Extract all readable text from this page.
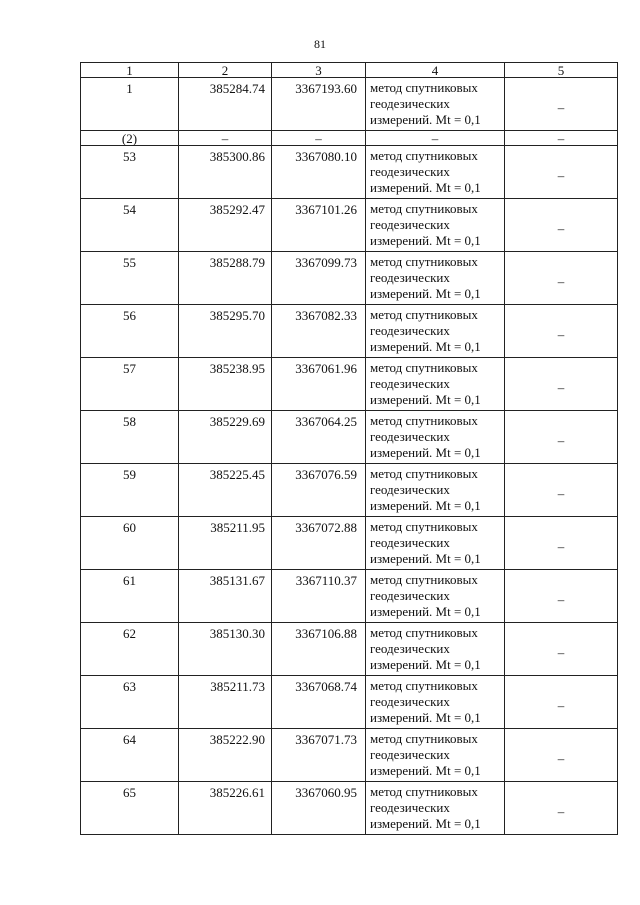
81
1	2	3	4	5
1	385284.74	3367193.60	метод спутниковых геодезических измерений. Mt = 0,1	–
(2)	–	–	–	–
53	385300.86	3367080.10	метод спутниковых геодезических измерений. Mt = 0,1	–
54	385292.47	3367101.26	метод спутниковых геодезических измерений. Mt = 0,1	–
55	385288.79	3367099.73	метод спутниковых геодезических измерений. Mt = 0,1	–
56	385295.70	3367082.33	метод спутниковых геодезических измерений. Mt = 0,1	–
57	385238.95	3367061.96	метод спутниковых геодезических измерений. Mt = 0,1	–
58	385229.69	3367064.25	метод спутниковых геодезических измерений. Mt = 0,1	–
59	385225.45	3367076.59	метод спутниковых геодезических измерений. Mt = 0,1	–
60	385211.95	3367072.88	метод спутниковых геодезических измерений. Mt = 0,1	–
61	385131.67	3367110.37	метод спутниковых геодезических измерений. Mt = 0,1	–
62	385130.30	3367106.88	метод спутниковых геодезических измерений. Mt = 0,1	–
63	385211.73	3367068.74	метод спутниковых геодезических измерений. Mt = 0,1	–
64	385222.90	3367071.73	метод спутниковых геодезических измерений. Mt = 0,1	–
65	385226.61	3367060.95	метод спутниковых геодезических измерений. Mt = 0,1	–
